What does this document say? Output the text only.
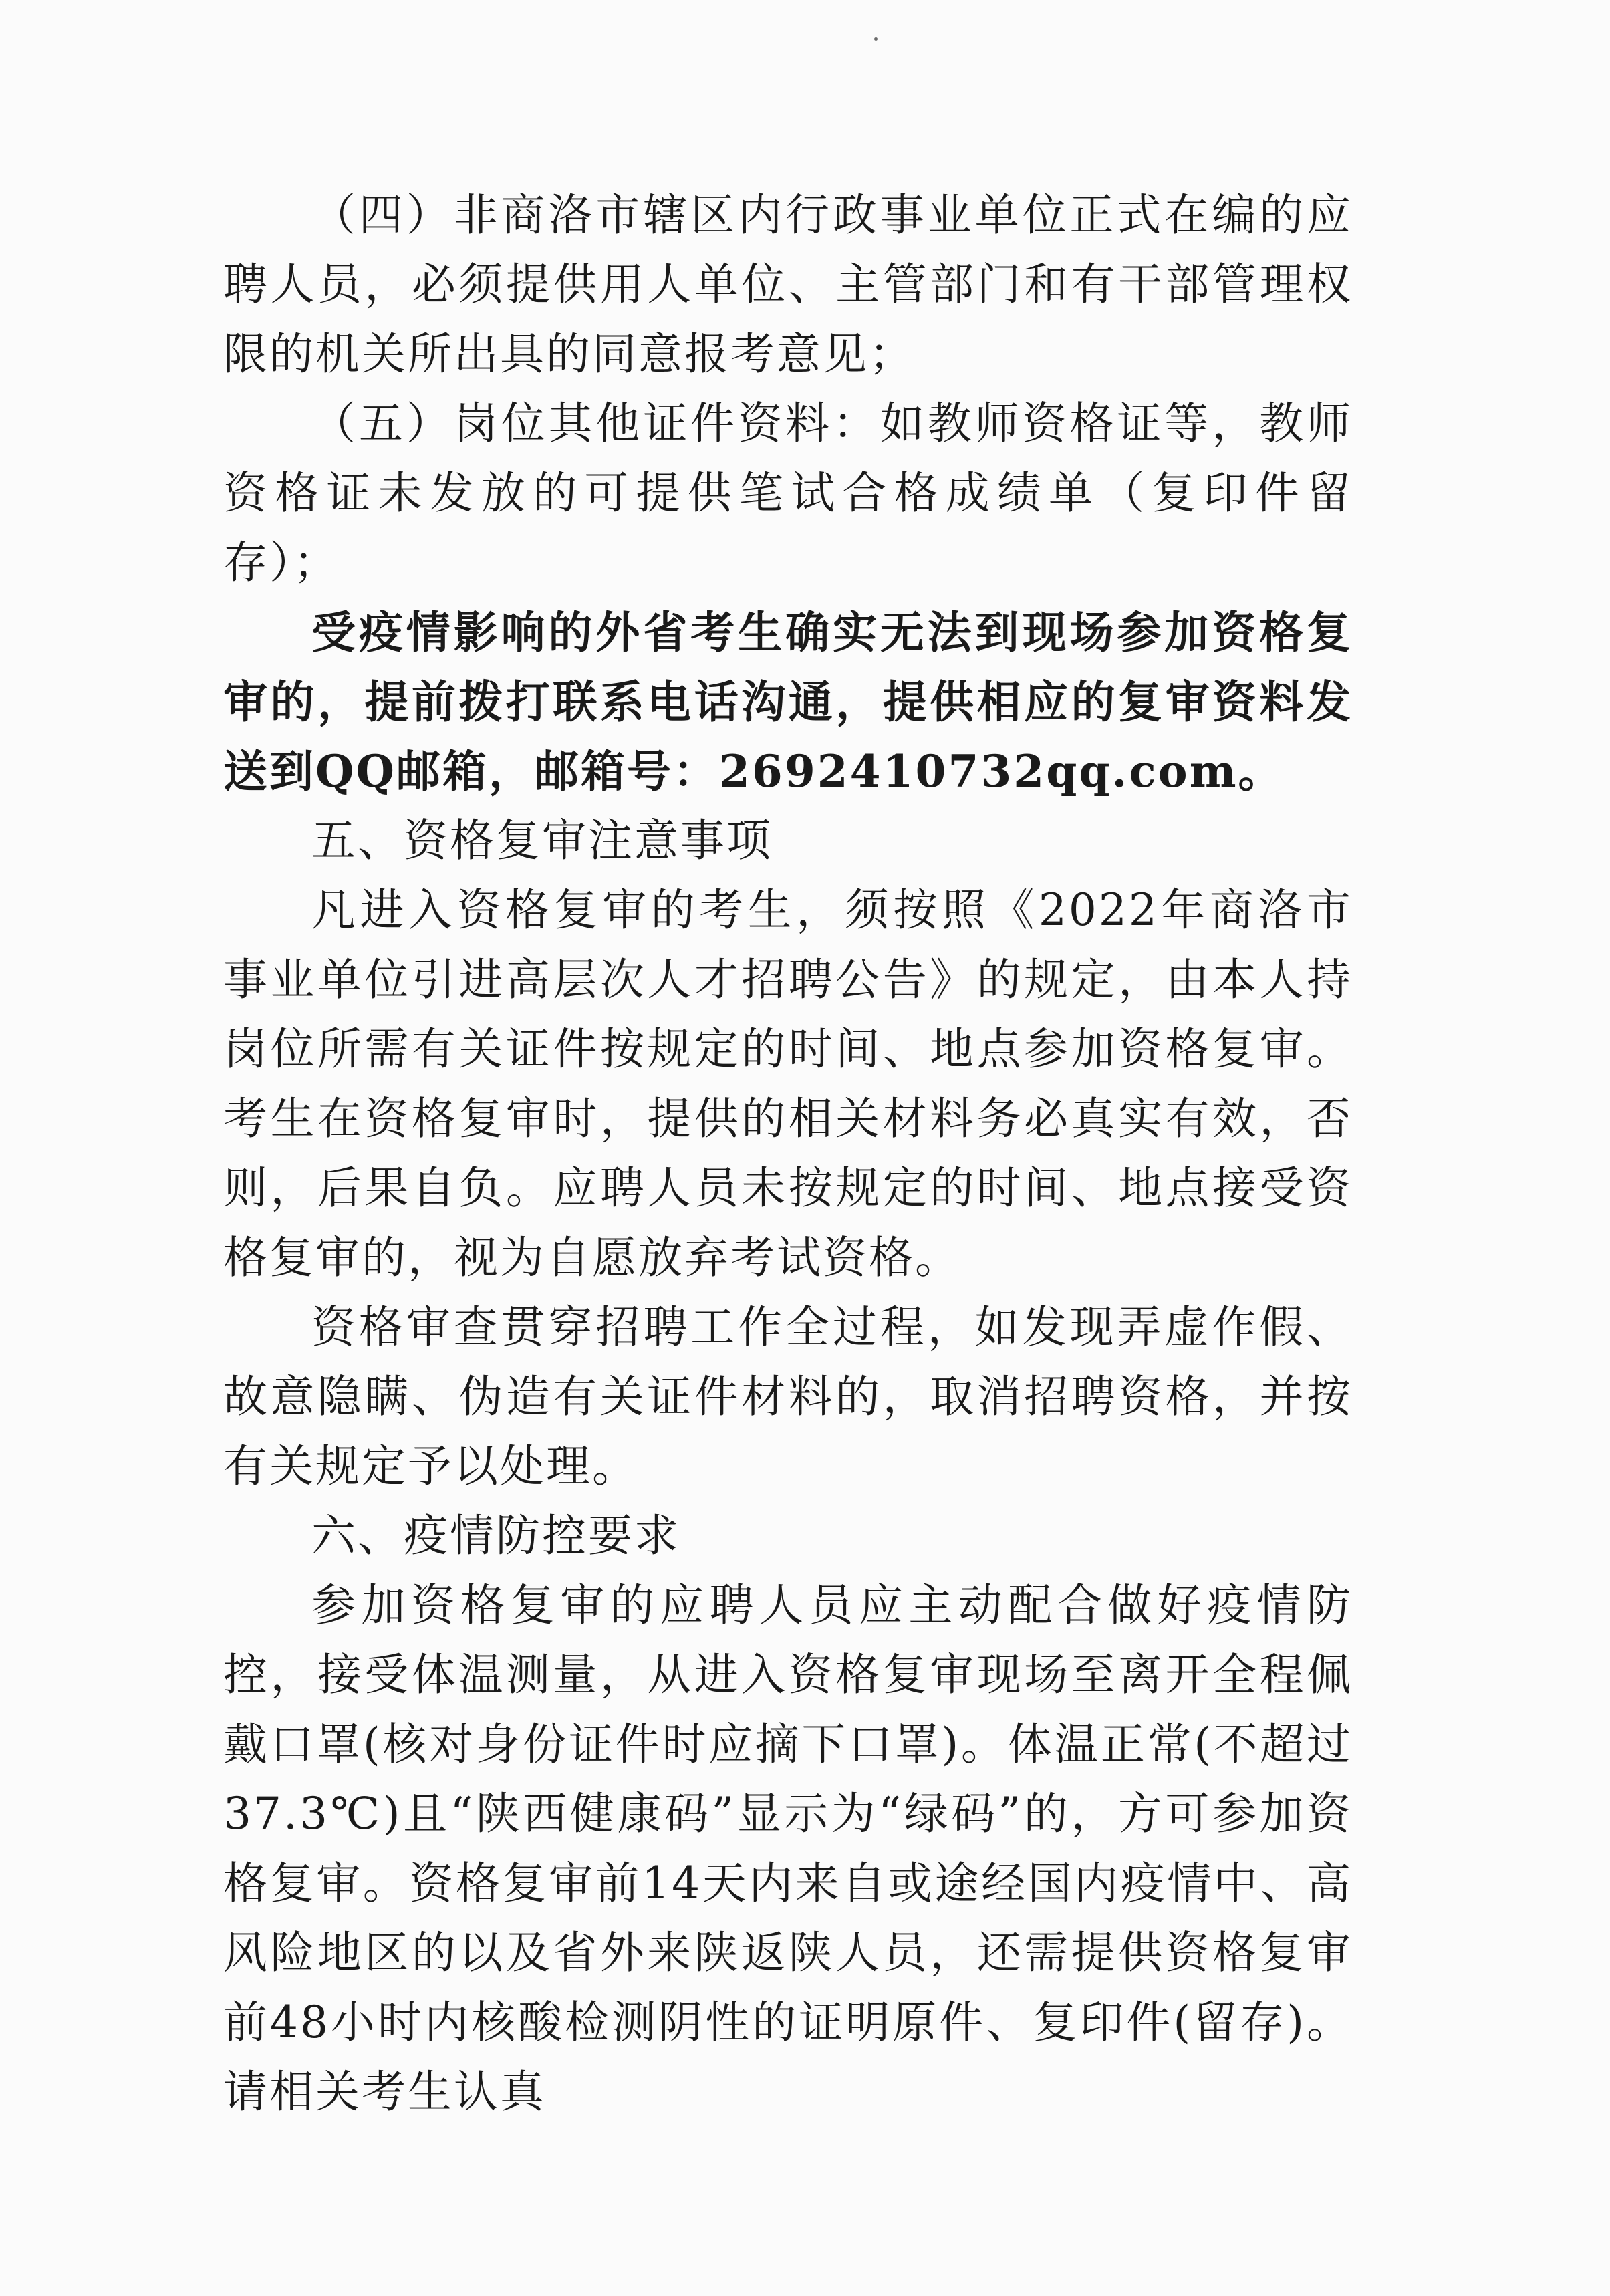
（四）非商洛市辖区内行政事业单位正式在编的应聘人员，必须提供用人单位、主管部门和有干部管理权限的机关所出具的同意报考意见；

（五）岗位其他证件资料：如教师资格证等，教师资格证未发放的可提供笔试合格成绩单（复印件留存）；

受疫情影响的外省考生确实无法到现场参加资格复审的，提前拨打联系电话沟通，提供相应的复审资料发送到QQ邮箱，邮箱号：2692410732qq.com。

五、资格复审注意事项

凡进入资格复审的考生，须按照《2022年商洛市事业单位引进高层次人才招聘公告》的规定，由本人持岗位所需有关证件按规定的时间、地点参加资格复审。考生在资格复审时，提供的相关材料务必真实有效，否则，后果自负。应聘人员未按规定的时间、地点接受资格复审的，视为自愿放弃考试资格。

资格审查贯穿招聘工作全过程，如发现弄虚作假、故意隐瞒、伪造有关证件材料的，取消招聘资格，并按有关规定予以处理。

六、疫情防控要求

参加资格复审的应聘人员应主动配合做好疫情防控，接受体温测量，从进入资格复审现场至离开全程佩戴口罩(核对身份证件时应摘下口罩)。体温正常(不超过37.3℃)且“陕西健康码”显示为“绿码”的，方可参加资格复审。资格复审前14天内来自或途经国内疫情中、高风险地区的以及省外来陕返陕人员，还需提供资格复审前48小时内核酸检测阴性的证明原件、复印件(留存)。请相关考生认真
